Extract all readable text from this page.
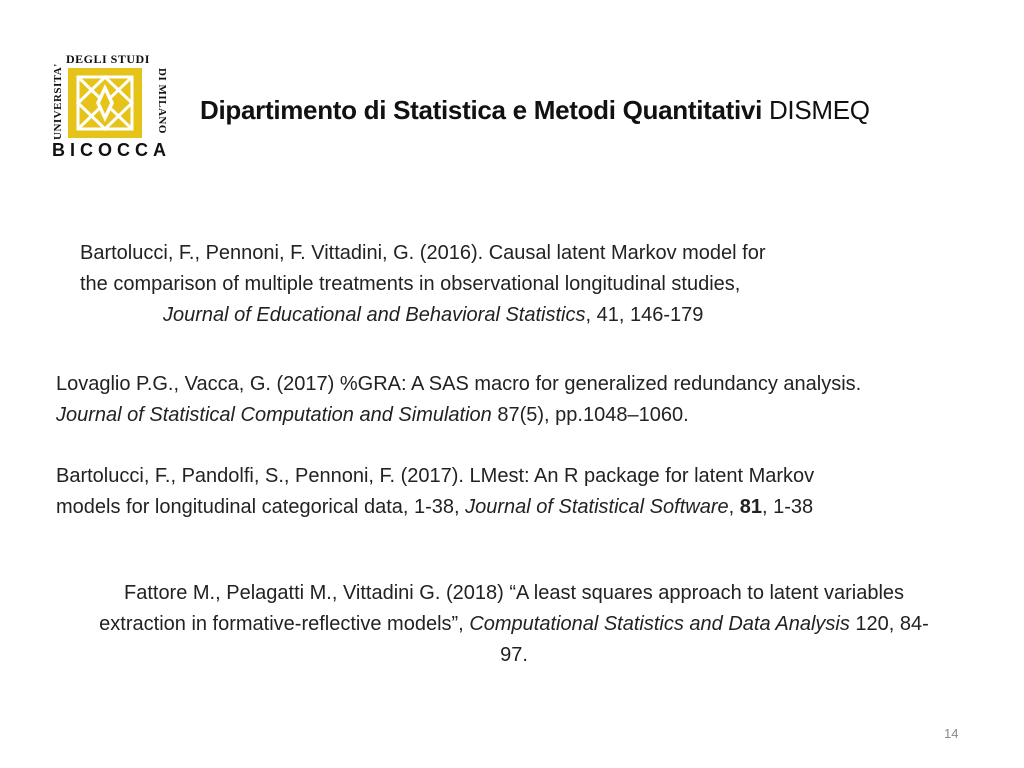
UNIVERSITA'
DEGLI STUDI
DI MILANO
BICOCCA
Dipartimento di Statistica e Metodi Quantitativi DISMEQ
Bartolucci, F., Pennoni, F. Vittadini, G. (2016). Causal latent Markov model for
the comparison of multiple treatments in observational longitudinal studies,
Journal of Educational and Behavioral Statistics, 41, 146-179
Lovaglio P.G., Vacca, G. (2017) %GRA: A SAS macro for generalized redundancy analysis.
Journal of Statistical Computation and Simulation 87(5), pp.1048–1060.
Bartolucci, F., Pandolfi, S., Pennoni, F. (2017). LMest: An R package for latent Markov
models for longitudinal categorical data, 1-38, Journal of Statistical Software, 81, 1-38
Fattore M., Pelagatti M., Vittadini G. (2018) “A least squares approach to latent variables
extraction in formative-reflective models”, Computational Statistics and Data Analysis 120, 84-
97.
14
